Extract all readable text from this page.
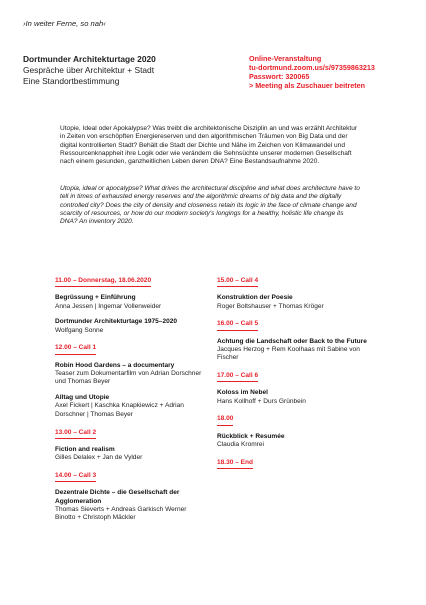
›In weiter Ferne, so nah‹
Dortmunder Architekturtage 2020
Gespräche über Architektur + Stadt
Eine Standortbestimmung
Online-Veranstaltung
tu-dortmund.zoom.us/s/97359863213
Passwort: 320065
> Meeting als Zuschauer beitreten
Utopie, Ideal oder Apokalypse? Was treibt die architektonische Disziplin an und was erzählt Architektur in Zeiten von erschöpften Energiereserven und den algorithmischen Träumen von Big Data und der digital kontrollierten Stadt? Behält die Stadt der Dichte und Nähe im Zeichen von Klimawandel und Ressourcenknappheit ihre Logik oder wie verändern die Sehnsüchte unserer modernen Gesellschaft nach einem gesunden, ganzheitlichen Leben deren DNA? Eine Bestandsaufnahme 2020.
Utopia, ideal or apocalypse? What drives the architectural discipline and what does architecture have to tell in times of exhausted energy reserves and the algorithmic dreams of big data and the digitally controlled city? Does the city of density and closeness retain its logic in the face of climate change and scarcity of resources, or how do our modern society's longings for a healthy, holistic life change its DNA? An inventory 2020.
11.00 – Donnerstag, 18.06.2020
Begrüssung + Einführung
Anna Jessen | Ingemar Vollenweider
Dortmunder Architekturtage 1975–2020
Wolfgang Sonne
12.00 – Call 1
Robin Hood Gardens – a documentary
Teaser zum Dokumentarfilm von Adrian Dorschner und Thomas Beyer
Alltag und Utopie
Axel Fickert | Kaschka Knapkiewicz + Adrian Dorschner | Thomas Beyer
13.00 – Call 2
Fiction and realism
Gilles Delalex + Jan de Vylder
14.00 – Call 3
Dezentrale Dichte – die Gesellschaft der Agglomeration
Thomas Sieverts + Andreas Garkisch Werner Binotto + Christoph Mäckler
15.00 – Call 4
Konstruktion der Poesie
Roger Boltshauser + Thomas Kröger
16.00 – Call 5
Achtung die Landschaft oder Back to the Future
Jacques Herzog + Rem Koolhaas mit Sabine von Fischer
17.00 – Call 6
Koloss im Nebel
Hans Kollhoff + Durs Grünbein
18.00
Rückblick + Resumée
Claudia Kromrei
18.30 – End
